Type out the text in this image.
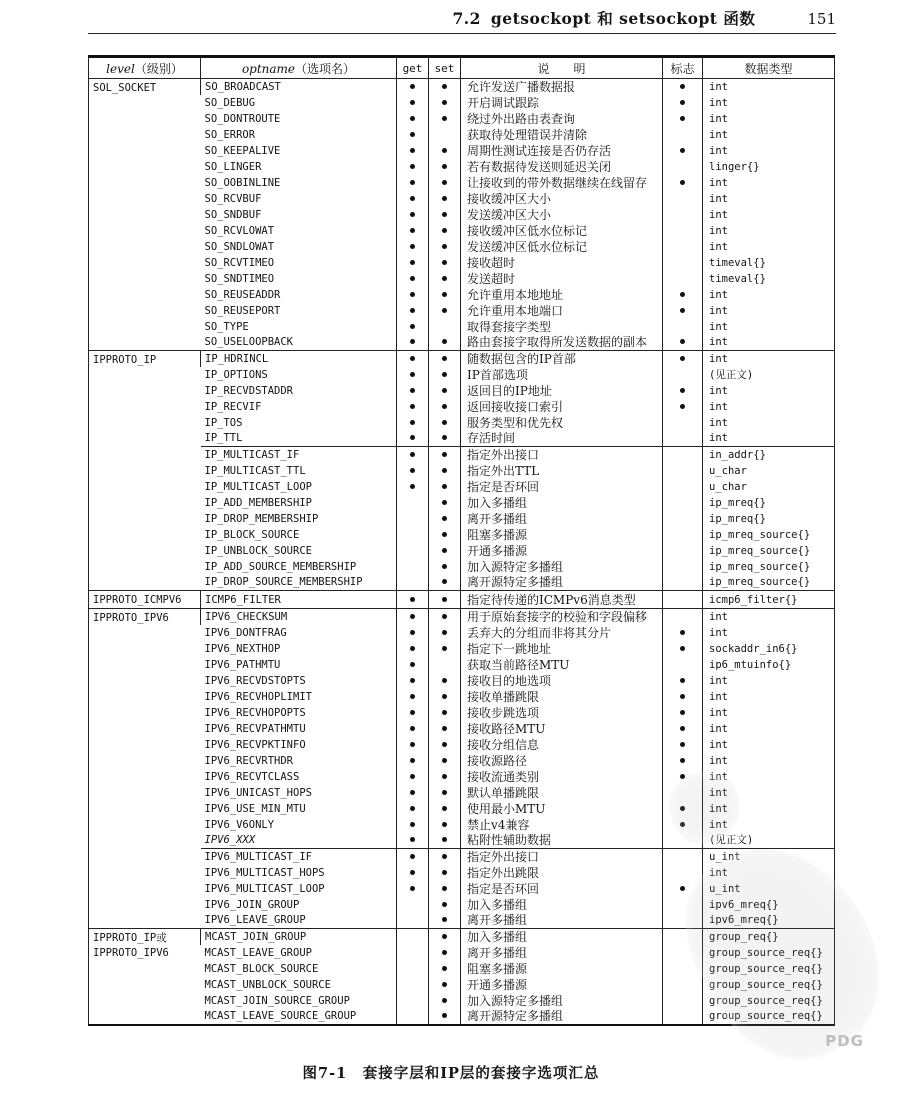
7.2 getsockopt 和 setsockopt 函数	151
level（级别）	optname（选项名）	get	set	说　　明	标志	数据类型

SOL_SOCKET	SO_BROADCAST			允许发送广播数据报		int
	SO_DEBUG			开启调试跟踪		int
	SO_DONTROUTE			绕过外出路由表查询		int
	SO_ERROR			获取待处理错误并清除		int
	SO_KEEPALIVE			周期性测试连接是否仍存活		int
	SO_LINGER			若有数据待发送则延迟关闭		linger{}
	SO_OOBINLINE			让接收到的带外数据继续在线留存		int
	SO_RCVBUF			接收缓冲区大小		int
	SO_SNDBUF			发送缓冲区大小		int
	SO_RCVLOWAT			接收缓冲区低水位标记		int
	SO_SNDLOWAT			发送缓冲区低水位标记		int
	SO_RCVTIMEO			接收超时		timeval{}
	SO_SNDTIMEO			发送超时		timeval{}
	SO_REUSEADDR			允许重用本地地址		int
	SO_REUSEPORT			允许重用本地端口		int
	SO_TYPE			取得套接字类型		int
	SO_USELOOPBACK			路由套接字取得所发送数据的副本		int

IPPROTO_IP	IP_HDRINCL			随数据包含的IP首部		int
	IP_OPTIONS			IP首部选项		(见正文)
	IP_RECVDSTADDR			返回目的IP地址		int
	IP_RECVIF			返回接收接口索引		int
	IP_TOS			服务类型和优先权		int
	IP_TTL			存活时间		int
	IP_MULTICAST_IF			指定外出接口		in_addr{}
	IP_MULTICAST_TTL			指定外出TTL		u_char
	IP_MULTICAST_LOOP			指定是否环回		u_char
	IP_ADD_MEMBERSHIP			加入多播组		ip_mreq{}
	IP_DROP_MEMBERSHIP			离开多播组		ip_mreq{}
	IP_BLOCK_SOURCE			阻塞多播源		ip_mreq_source{}
	IP_UNBLOCK_SOURCE			开通多播源		ip_mreq_source{}
	IP_ADD_SOURCE_MEMBERSHIP			加入源特定多播组		ip_mreq_source{}
	IP_DROP_SOURCE_MEMBERSHIP			离开源特定多播组		ip_mreq_source{}

IPPROTO_ICMPV6	ICMP6_FILTER			指定待传递的ICMPv6消息类型		icmp6_filter{}

IPPROTO_IPV6	IPV6_CHECKSUM			用于原始套接字的校验和字段偏移		int
	IPV6_DONTFRAG			丢弃大的分组而非将其分片		int
	IPV6_NEXTHOP			指定下一跳地址		sockaddr_in6{}
	IPV6_PATHMTU			获取当前路径MTU		ip6_mtuinfo{}
	IPV6_RECVDSTOPTS			接收目的地选项		int
	IPV6_RECVHOPLIMIT			接收单播跳限		int
	IPV6_RECVHOPOPTS			接收步跳选项		int
	IPV6_RECVPATHMTU			接收路径MTU		int
	IPV6_RECVPKTINFO			接收分组信息		int
	IPV6_RECVRTHDR			接收源路径		int
	IPV6_RECVTCLASS			接收流通类别		int
	IPV6_UNICAST_HOPS			默认单播跳限		int
	IPV6_USE_MIN_MTU			使用最小MTU		int
	IPV6_V6ONLY			禁止v4兼容		int
	IPV6_XXX			粘附性辅助数据		(见正文)
	IPV6_MULTICAST_IF			指定外出接口		u_int
	IPV6_MULTICAST_HOPS			指定外出跳限		int
	IPV6_MULTICAST_LOOP			指定是否环回		u_int
	IPV6_JOIN_GROUP			加入多播组		ipv6_mreq{}
	IPV6_LEAVE_GROUP			离开多播组		ipv6_mreq{}

IPPROTO_IP或
IPPROTO_IPV6	MCAST_JOIN_GROUP			加入多播组		group_req{}
	MCAST_LEAVE_GROUP			离开多播组		group_source_req{}
	MCAST_BLOCK_SOURCE			阻塞多播源		group_source_req{}
	MCAST_UNBLOCK_SOURCE			开通多播源		group_source_req{}
	MCAST_JOIN_SOURCE_GROUP			加入源特定多播组		group_source_req{}
	MCAST_LEAVE_SOURCE_GROUP			离开源特定多播组		group_source_req{}
图7-1　套接字层和IP层的套接字选项汇总
PDG
